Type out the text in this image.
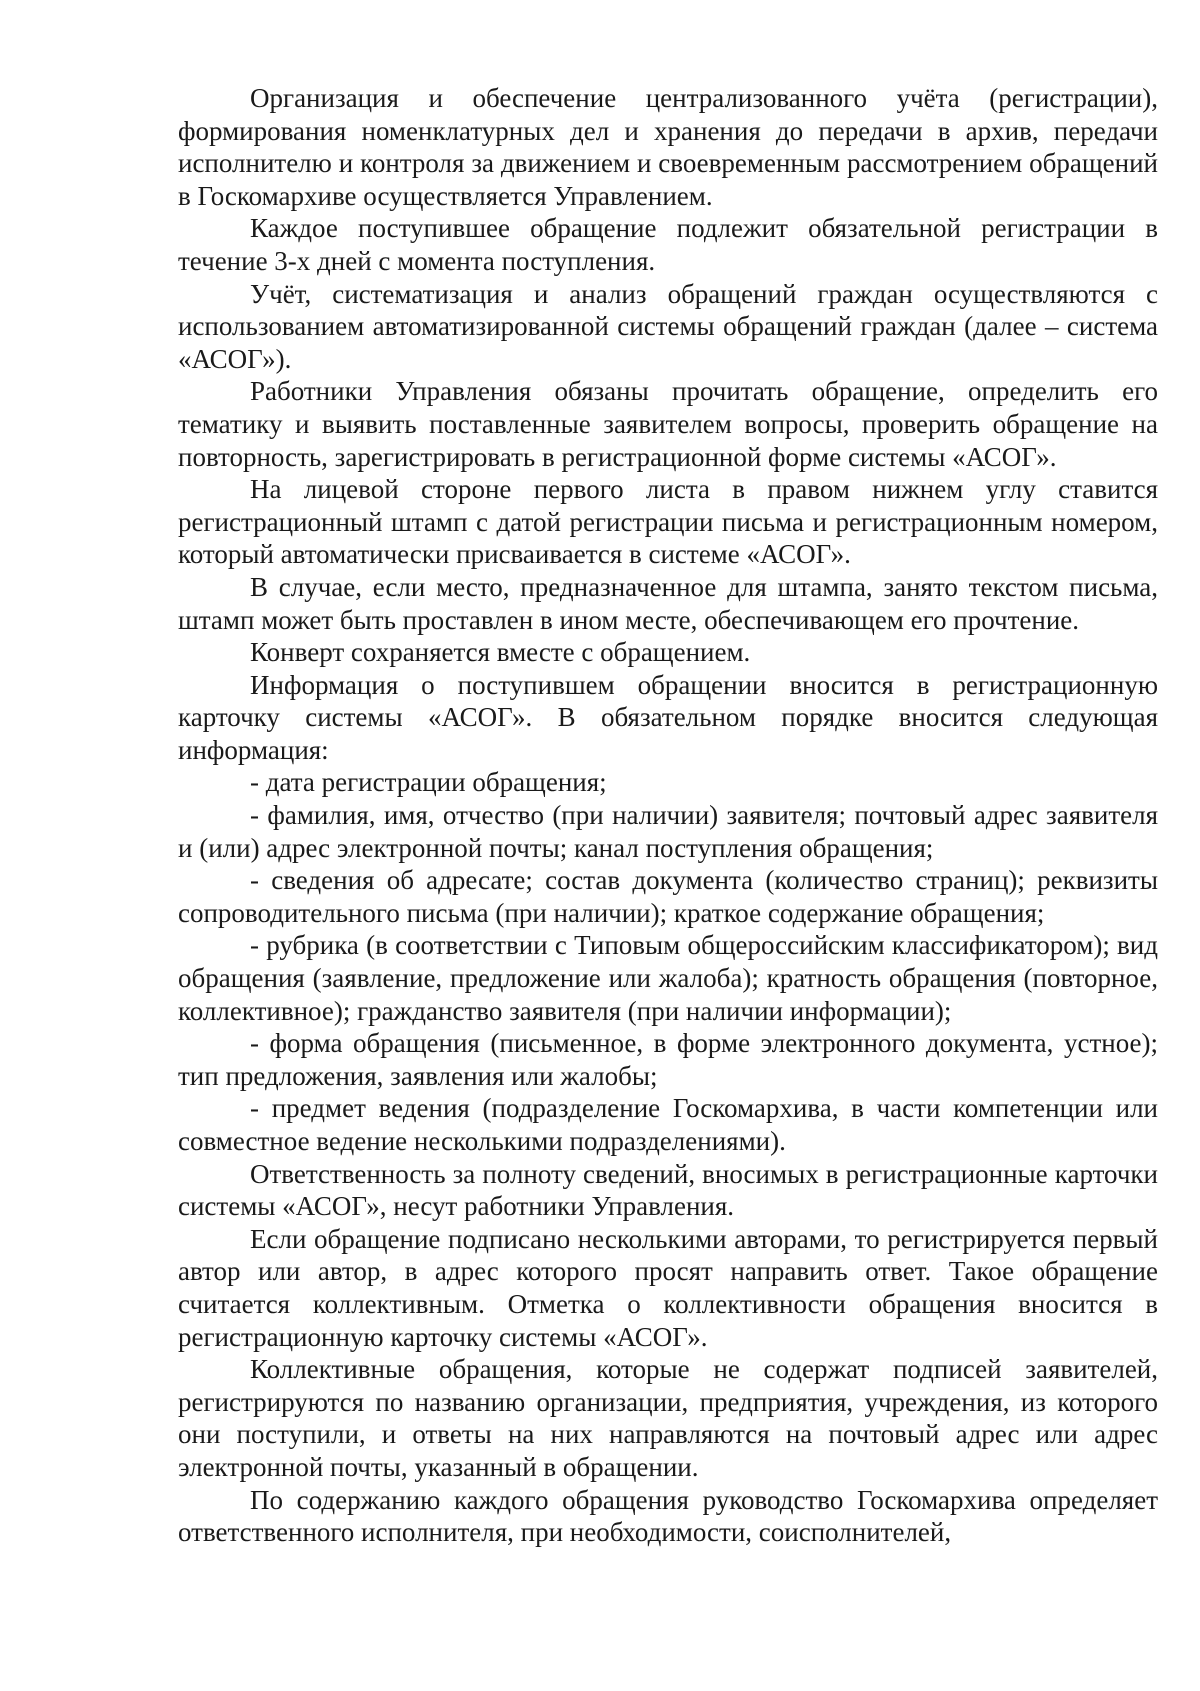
Организация и обеспечение централизованного учёта (регистрации), формирования номенклатурных дел и хранения до передачи в архив, передачи исполнителю и контроля за движением и своевременным рассмотрением обращений в Госкомархиве осуществляется Управлением.

Каждое поступившее обращение подлежит обязательной регистрации в течение 3-х дней с момента поступления.

Учёт, систематизация и анализ обращений граждан осуществляются с использованием автоматизированной системы обращений граждан (далее – система «АСОГ»).

Работники Управления обязаны прочитать обращение, определить его тематику и выявить поставленные заявителем вопросы, проверить обращение на повторность, зарегистрировать в регистрационной форме системы «АСОГ».

На лицевой стороне первого листа в правом нижнем углу ставится регистрационный штамп с датой регистрации письма и регистрационным номером, который автоматически присваивается в системе «АСОГ».

В случае, если место, предназначенное для штампа, занято текстом письма, штамп может быть проставлен в ином месте, обеспечивающем его прочтение.

Конверт сохраняется вместе с обращением.

Информация о поступившем обращении вносится в регистрационную карточку системы «АСОГ». В обязательном порядке вносится следующая информация:

- дата регистрации обращения;

- фамилия, имя, отчество (при наличии) заявителя; почтовый адрес заявителя и (или) адрес электронной почты; канал поступления обращения;

- сведения об адресате; состав документа (количество страниц); реквизиты сопроводительного письма (при наличии); краткое содержание обращения;

- рубрика (в соответствии с Типовым общероссийским классификатором); вид обращения (заявление, предложение или жалоба); кратность обращения (повторное, коллективное); гражданство заявителя (при наличии информации);

- форма обращения (письменное, в форме электронного документа, устное); тип предложения, заявления или жалобы;

- предмет ведения (подразделение Госкомархива, в части компетенции или совместное ведение несколькими подразделениями).

Ответственность за полноту сведений, вносимых в регистрационные карточки системы «АСОГ», несут работники Управления.

Если обращение подписано несколькими авторами, то регистрируется первый автор или автор, в адрес которого просят направить ответ. Такое обращение считается коллективным. Отметка о коллективности обращения вносится в регистрационную карточку системы «АСОГ».

Коллективные обращения, которые не содержат подписей заявителей, регистрируются по названию организации, предприятия, учреждения, из которого они поступили, и ответы на них направляются на почтовый адрес или адрес электронной почты, указанный в обращении.

По содержанию каждого обращения руководство Госкомархива определяет ответственного исполнителя, при необходимости, соисполнителей,
